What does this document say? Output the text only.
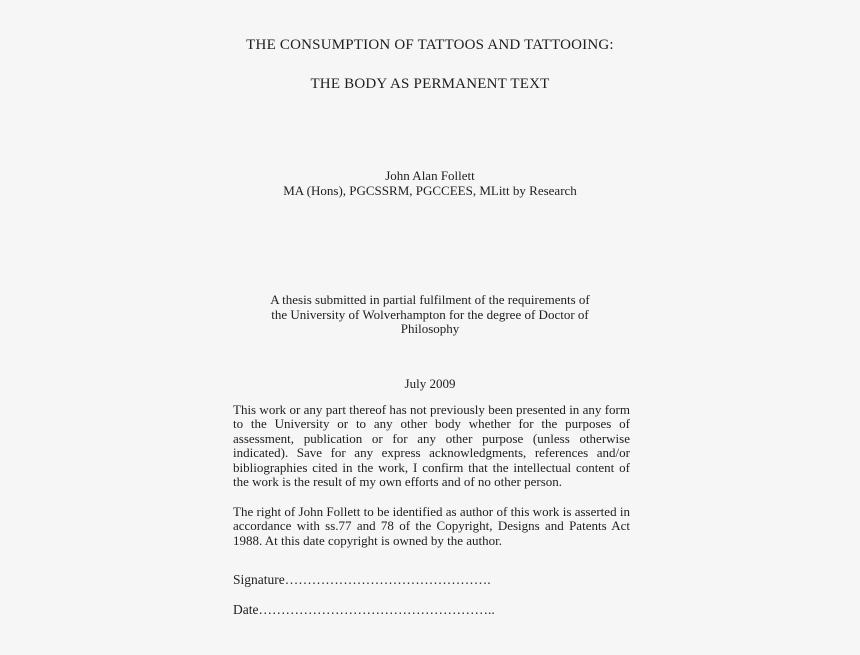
THE CONSUMPTION OF TATTOOS AND TATTOOING:
THE BODY AS PERMANENT TEXT
John Alan Follett
MA (Hons), PGCSSRM, PGCCEES, MLitt by Research
A thesis submitted in partial fulfilment of the requirements of
the University of Wolverhampton for the degree of Doctor of
Philosophy
July 2009
This work or any part thereof has not previously been presented in any form to the University or to any other body whether for the purposes of assessment, publication or for any other purpose (unless otherwise indicated). Save for any express acknowledgments, references and/or bibliographies cited in the work, I confirm that the intellectual content of the work is the result of my own efforts and of no other person.
The right of John Follett to be identified as author of this work is asserted in accordance with ss.77 and 78 of the Copyright, Designs and Patents Act 1988. At this date copyright is owned by the author.
Signature……………………………………….
Date……………………………………………..
